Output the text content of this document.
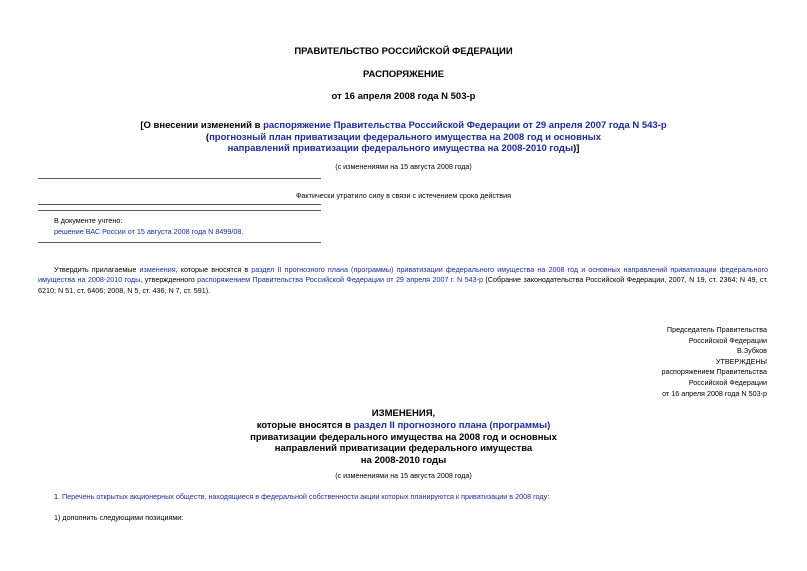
ПРАВИТЕЛЬСТВО РОССИЙСКОЙ ФЕДЕРАЦИИ
РАСПОРЯЖЕНИЕ
от 16 апреля 2008 года N 503-р
[О внесении изменений в распоряжение Правительства Российской Федерации от 29 апреля 2007 года N 543-р
(прогнозный план приватизации федерального имущества на 2008 год и основных
направлений приватизации федерального имущества на 2008-2010 годы)]
(с изменениями на 15 августа 2008 года)
Фактически утратило силу в связи с истечением срока действия
В документе учтено:
решение ВАС России от 15 августа 2008 года N 8499/08.
Утвердить прилагаемые изменения, которые вносятся в раздел II прогнозного плана (программы) приватизации федерального имущества на 2008 год и основных направлений приватизации федерального имущества на 2008-2010 годы, утвержденного распоряжением Правительства Российской Федерации от 29 апреля 2007 г. N 543-р (Собрание законодательства Российской Федерации, 2007, N 19, ст. 2364; N 49, ст. 6210; N 51, ст. 6406; 2008, N 5, ст. 436; N 7, ст. 591).
Председатель Правительства
Российской Федерации
В.Зубков
УТВЕРЖДЕНЫ
распоряжением Правительства
Российской Федерации
от 16 апреля 2008 года N 503-р
ИЗМЕНЕНИЯ,
которые вносятся в раздел II прогнозного плана (программы)
приватизации федерального имущества на 2008 год и основных
направлений приватизации федерального имущества
на 2008-2010 годы
(с изменениями на 15 августа 2008 года)
1. Перечень открытых акционерных обществ, находящиеся в федеральной собственности акции которых планируются к приватизации в 2008 году:
1) дополнить следующими позициями:
